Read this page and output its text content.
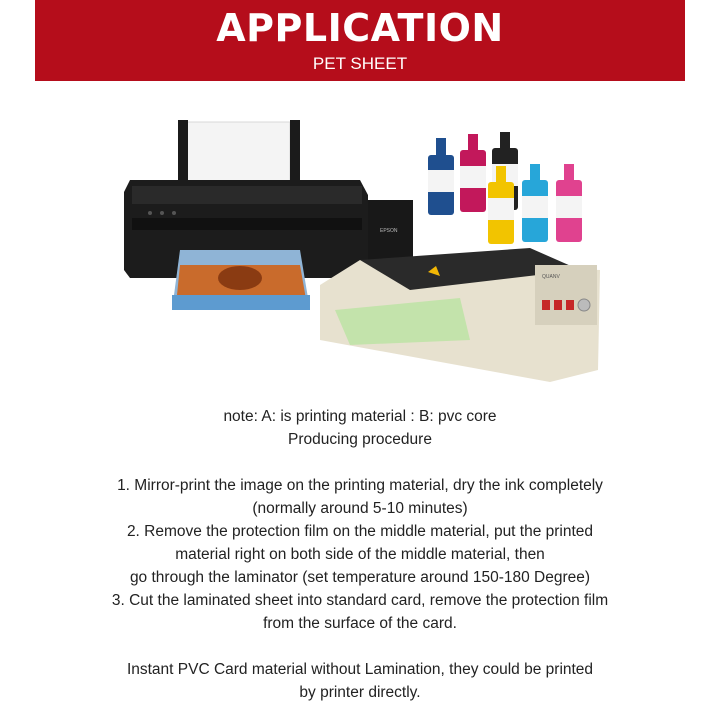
APPLICATION
PET SHEET
EPSON
QUANV
note: A: is printing material : B: pvc core
Producing procedure
1. Mirror-print the image on the printing material, dry the ink completely
(normally around 5-10 minutes)
2. Remove the protection film on the middle material, put the printed
material right on both side of the middle material, then
go through the laminator (set temperature around 150-180 Degree)
3. Cut the laminated sheet into standard card, remove the protection film
from the surface of the card.
Instant PVC Card material without Lamination, they could be printed
by printer directly.
